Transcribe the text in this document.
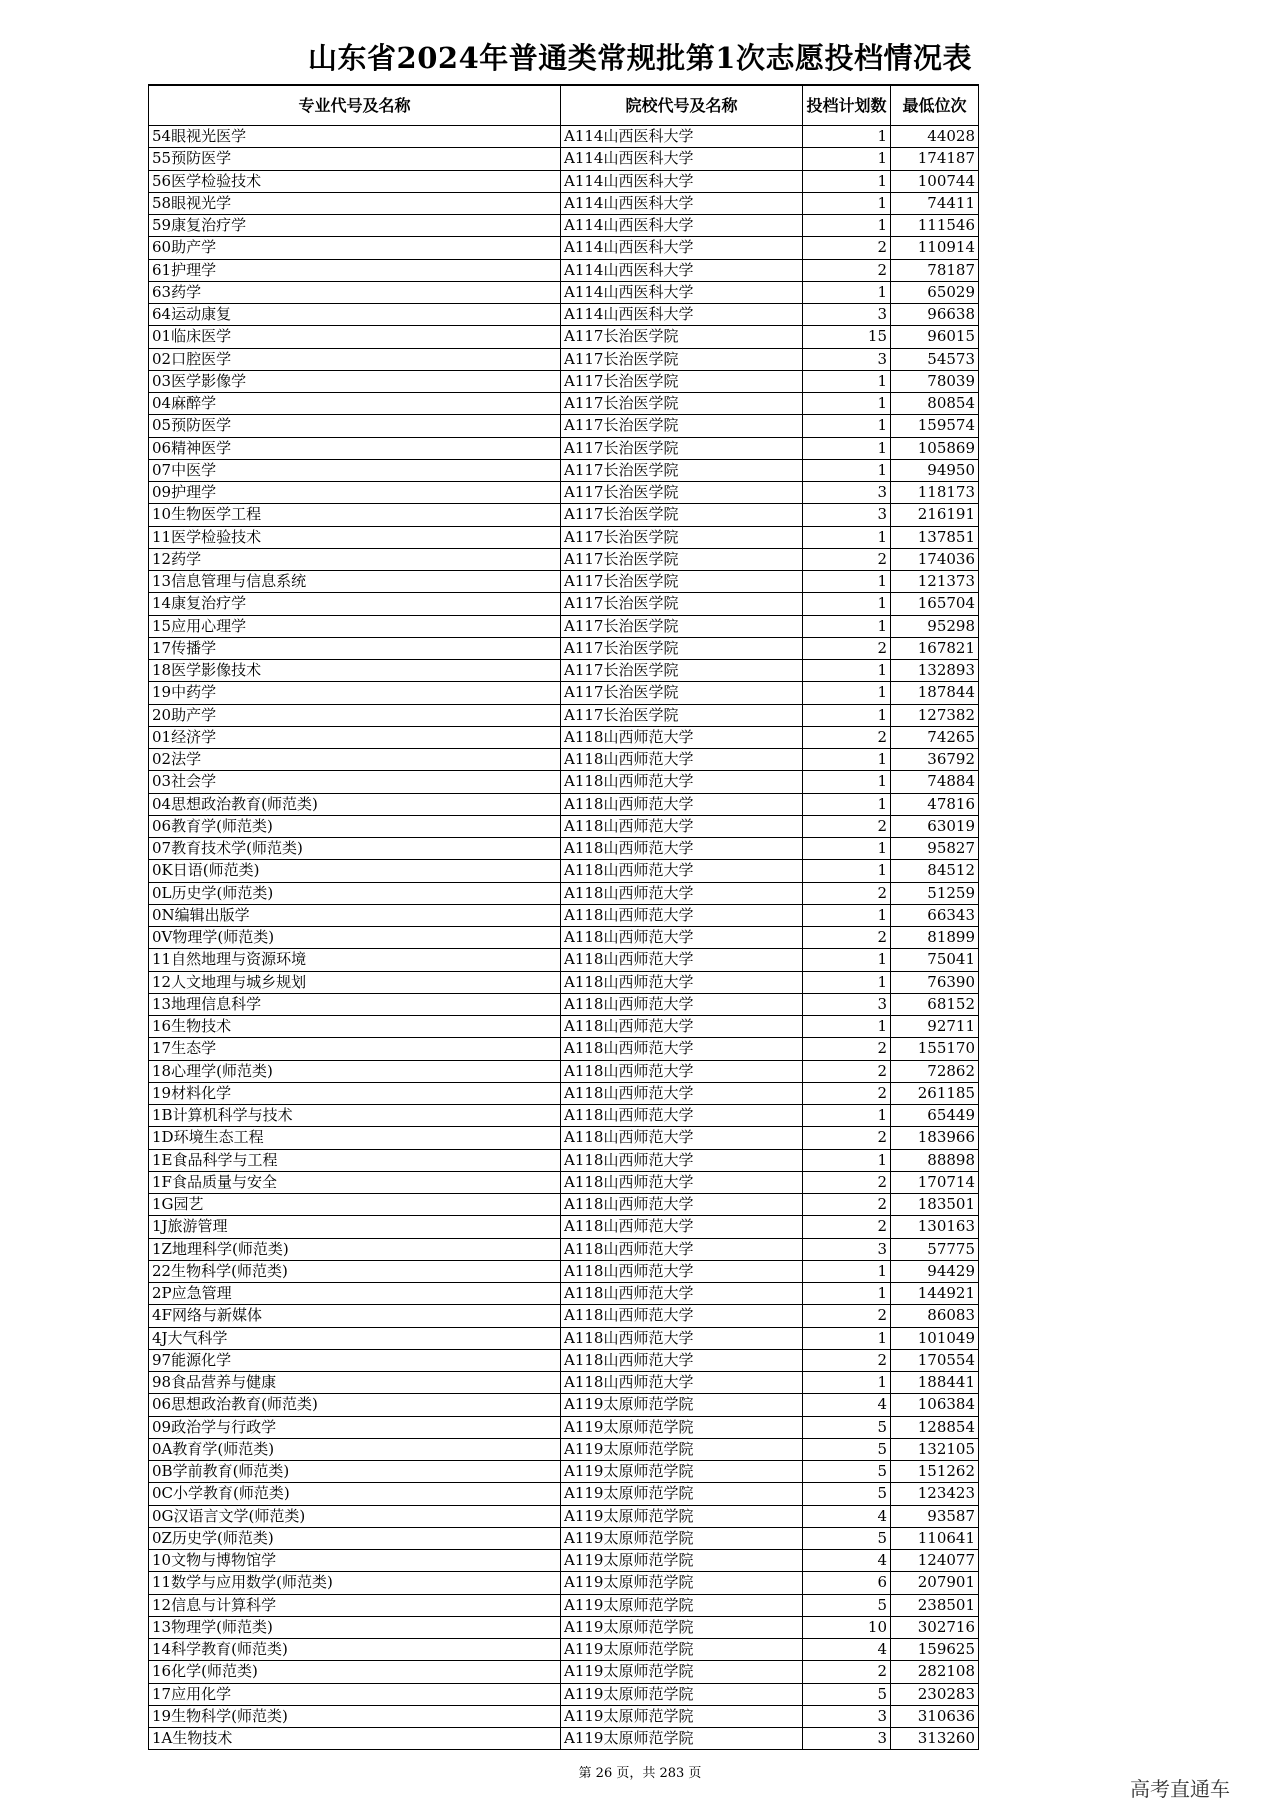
山东省2024年普通类常规批第1次志愿投档情况表
专业代号及名称	院校代号及名称	投档计划数	最低位次
54眼视光医学	A114山西医科大学	1	44028
55预防医学	A114山西医科大学	1	174187
56医学检验技术	A114山西医科大学	1	100744
58眼视光学	A114山西医科大学	1	74411
59康复治疗学	A114山西医科大学	1	111546
60助产学	A114山西医科大学	2	110914
61护理学	A114山西医科大学	2	78187
63药学	A114山西医科大学	1	65029
64运动康复	A114山西医科大学	3	96638
01临床医学	A117长治医学院	15	96015
02口腔医学	A117长治医学院	3	54573
03医学影像学	A117长治医学院	1	78039
04麻醉学	A117长治医学院	1	80854
05预防医学	A117长治医学院	1	159574
06精神医学	A117长治医学院	1	105869
07中医学	A117长治医学院	1	94950
09护理学	A117长治医学院	3	118173
10生物医学工程	A117长治医学院	3	216191
11医学检验技术	A117长治医学院	1	137851
12药学	A117长治医学院	2	174036
13信息管理与信息系统	A117长治医学院	1	121373
14康复治疗学	A117长治医学院	1	165704
15应用心理学	A117长治医学院	1	95298
17传播学	A117长治医学院	2	167821
18医学影像技术	A117长治医学院	1	132893
19中药学	A117长治医学院	1	187844
20助产学	A117长治医学院	1	127382
01经济学	A118山西师范大学	2	74265
02法学	A118山西师范大学	1	36792
03社会学	A118山西师范大学	1	74884
04思想政治教育(师范类)	A118山西师范大学	1	47816
06教育学(师范类)	A118山西师范大学	2	63019
07教育技术学(师范类)	A118山西师范大学	1	95827
0K日语(师范类)	A118山西师范大学	1	84512
0L历史学(师范类)	A118山西师范大学	2	51259
0N编辑出版学	A118山西师范大学	1	66343
0V物理学(师范类)	A118山西师范大学	2	81899
11自然地理与资源环境	A118山西师范大学	1	75041
12人文地理与城乡规划	A118山西师范大学	1	76390
13地理信息科学	A118山西师范大学	3	68152
16生物技术	A118山西师范大学	1	92711
17生态学	A118山西师范大学	2	155170
18心理学(师范类)	A118山西师范大学	2	72862
19材料化学	A118山西师范大学	2	261185
1B计算机科学与技术	A118山西师范大学	1	65449
1D环境生态工程	A118山西师范大学	2	183966
1E食品科学与工程	A118山西师范大学	1	88898
1F食品质量与安全	A118山西师范大学	2	170714
1G园艺	A118山西师范大学	2	183501
1J旅游管理	A118山西师范大学	2	130163
1Z地理科学(师范类)	A118山西师范大学	3	57775
22生物科学(师范类)	A118山西师范大学	1	94429
2P应急管理	A118山西师范大学	1	144921
4F网络与新媒体	A118山西师范大学	2	86083
4J大气科学	A118山西师范大学	1	101049
97能源化学	A118山西师范大学	2	170554
98食品营养与健康	A118山西师范大学	1	188441
06思想政治教育(师范类)	A119太原师范学院	4	106384
09政治学与行政学	A119太原师范学院	5	128854
0A教育学(师范类)	A119太原师范学院	5	132105
0B学前教育(师范类)	A119太原师范学院	5	151262
0C小学教育(师范类)	A119太原师范学院	5	123423
0G汉语言文学(师范类)	A119太原师范学院	4	93587
0Z历史学(师范类)	A119太原师范学院	5	110641
10文物与博物馆学	A119太原师范学院	4	124077
11数学与应用数学(师范类)	A119太原师范学院	6	207901
12信息与计算科学	A119太原师范学院	5	238501
13物理学(师范类)	A119太原师范学院	10	302716
14科学教育(师范类)	A119太原师范学院	4	159625
16化学(师范类)	A119太原师范学院	2	282108
17应用化学	A119太原师范学院	5	230283
19生物科学(师范类)	A119太原师范学院	3	310636
1A生物技术	A119太原师范学院	3	313260
第 26 页，共 283 页
高考直通车
